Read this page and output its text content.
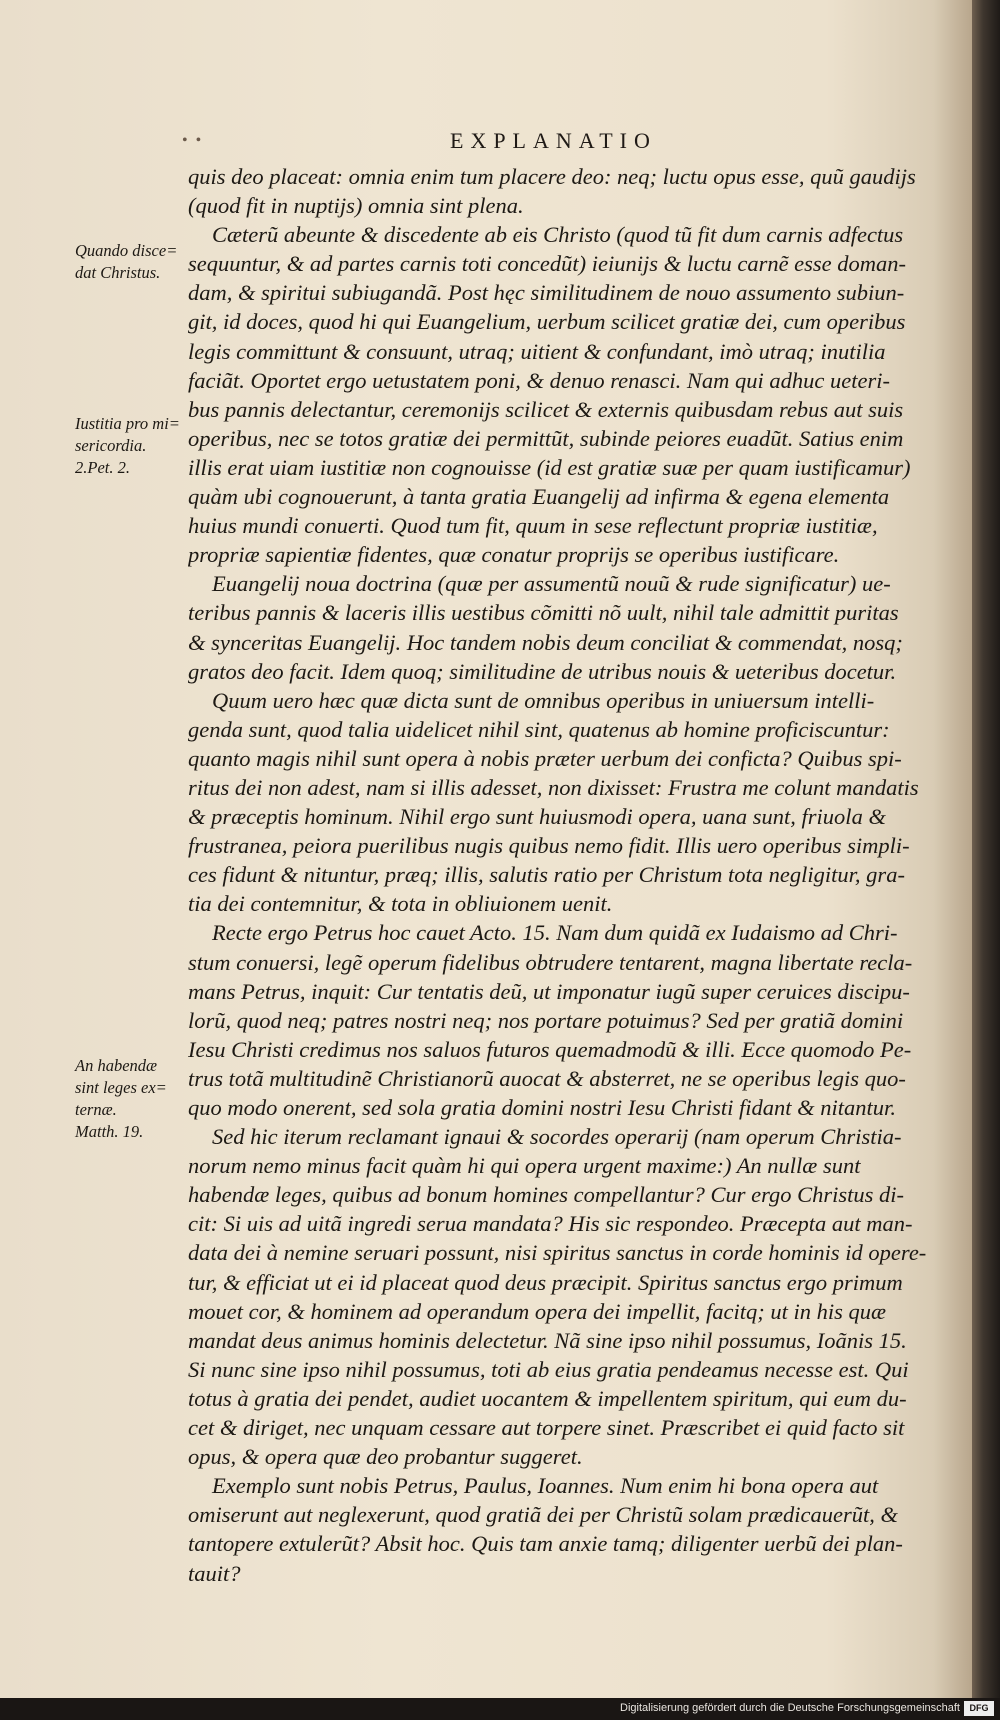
• •	EXPLANATIO
Quando disce=
dat Christus.
Iustitia pro mi=
sericordia.
2.Pet. 2.
An habendæ
sint leges ex=
ternæ.
Matth. 19.
quis deo placeat: omnia enim tum placere deo: neq; luctu opus esse, quũ gaudijs
(quod fit in nuptijs) omnia sint plena.
Cæterũ abeunte & discedente ab eis Christo (quod tũ fit dum carnis adfectus
sequuntur, & ad partes carnis toti concedũt) ieiunijs & luctu carnẽ esse doman-
dam, & spiritui subiugandã. Post hęc similitudinem de nouo assumento subiun-
git, id doces, quod hi qui Euangelium, uerbum scilicet gratiæ dei, cum operibus
legis committunt & consuunt, utraq; uitient & confundant, imò utraq; inutilia
faciãt. Oportet ergo uetustatem poni, & denuo renasci. Nam qui adhuc ueteri-
bus pannis delectantur, ceremonijs scilicet & externis quibusdam rebus aut suis
operibus, nec se totos gratiæ dei permittũt, subinde peiores euadũt. Satius enim
illis erat uiam iustitiæ non cognouisse (id est gratiæ suæ per quam iustificamur)
quàm ubi cognouerunt, à tanta gratia Euangelij ad infirma & egena elementa
huius mundi conuerti. Quod tum fit, quum in sese reflectunt propriæ iustitiæ,
propriæ sapientiæ fidentes, quæ conatur proprijs se operibus iustificare.
Euangelij noua doctrina (quæ per assumentũ nouũ & rude significatur) ue-
teribus pannis & laceris illis uestibus cõmitti nõ uult, nihil tale admittit puritas
& synceritas Euangelij. Hoc tandem nobis deum conciliat & commendat, nosq;
gratos deo facit. Idem quoq; similitudine de utribus nouis & ueteribus docetur.
Quum uero hæc quæ dicta sunt de omnibus operibus in uniuersum intelli-
genda sunt, quod talia uidelicet nihil sint, quatenus ab homine proficiscuntur:
quanto magis nihil sunt opera à nobis præter uerbum dei conficta? Quibus spi-
ritus dei non adest, nam si illis adesset, non dixisset: Frustra me colunt mandatis
& præceptis hominum. Nihil ergo sunt huiusmodi opera, uana sunt, friuola &
frustranea, peiora puerilibus nugis quibus nemo fidit. Illis uero operibus simpli-
ces fidunt & nituntur, præq; illis, salutis ratio per Christum tota negligitur, gra-
tia dei contemnitur, & tota in obliuionem uenit.
Recte ergo Petrus hoc cauet Acto. 15. Nam dum quidã ex Iudaismo ad Chri-
stum conuersi, legẽ operum fidelibus obtrudere tentarent, magna libertate recla-
mans Petrus, inquit: Cur tentatis deũ, ut imponatur iugũ super ceruices discipu-
lorũ, quod neq; patres nostri neq; nos portare potuimus? Sed per gratiã domini
Iesu Christi credimus nos saluos futuros quemadmodũ & illi. Ecce quomodo Pe-
trus totã multitudinẽ Christianorũ auocat & absterret, ne se operibus legis quo-
quo modo onerent, sed sola gratia domini nostri Iesu Christi fidant & nitantur.
Sed hic iterum reclamant ignaui & socordes operarij (nam operum Christia-
norum nemo minus facit quàm hi qui opera urgent maxime:) An nullæ sunt
habendæ leges, quibus ad bonum homines compellantur? Cur ergo Christus di-
cit: Si uis ad uitã ingredi serua mandata? His sic respondeo. Præcepta aut man-
data dei à nemine seruari possunt, nisi spiritus sanctus in corde hominis id opere-
tur, & efficiat ut ei id placeat quod deus præcipit. Spiritus sanctus ergo primum
mouet cor, & hominem ad operandum opera dei impellit, facitq; ut in his quæ
mandat deus animus hominis delectetur. Nã sine ipso nihil possumus, Ioãnis 15.
Si nunc sine ipso nihil possumus, toti ab eius gratia pendeamus necesse est. Qui
totus à gratia dei pendet, audiet uocantem & impellentem spiritum, qui eum du-
cet & diriget, nec unquam cessare aut torpere sinet. Præscribet ei quid facto sit
opus, & opera quæ deo probantur suggeret.
Exemplo sunt nobis Petrus, Paulus, Ioannes. Num enim hi bona opera aut
omiserunt aut neglexerunt, quod gratiã dei per Christũ solam prædicauerũt, &
tantopere extulerũt? Absit hoc. Quis tam anxie tamq; diligenter uerbũ dei plan-
tauit?
Digitalisierung gefördert durch die Deutsche Forschungsgemeinschaft	DFG
